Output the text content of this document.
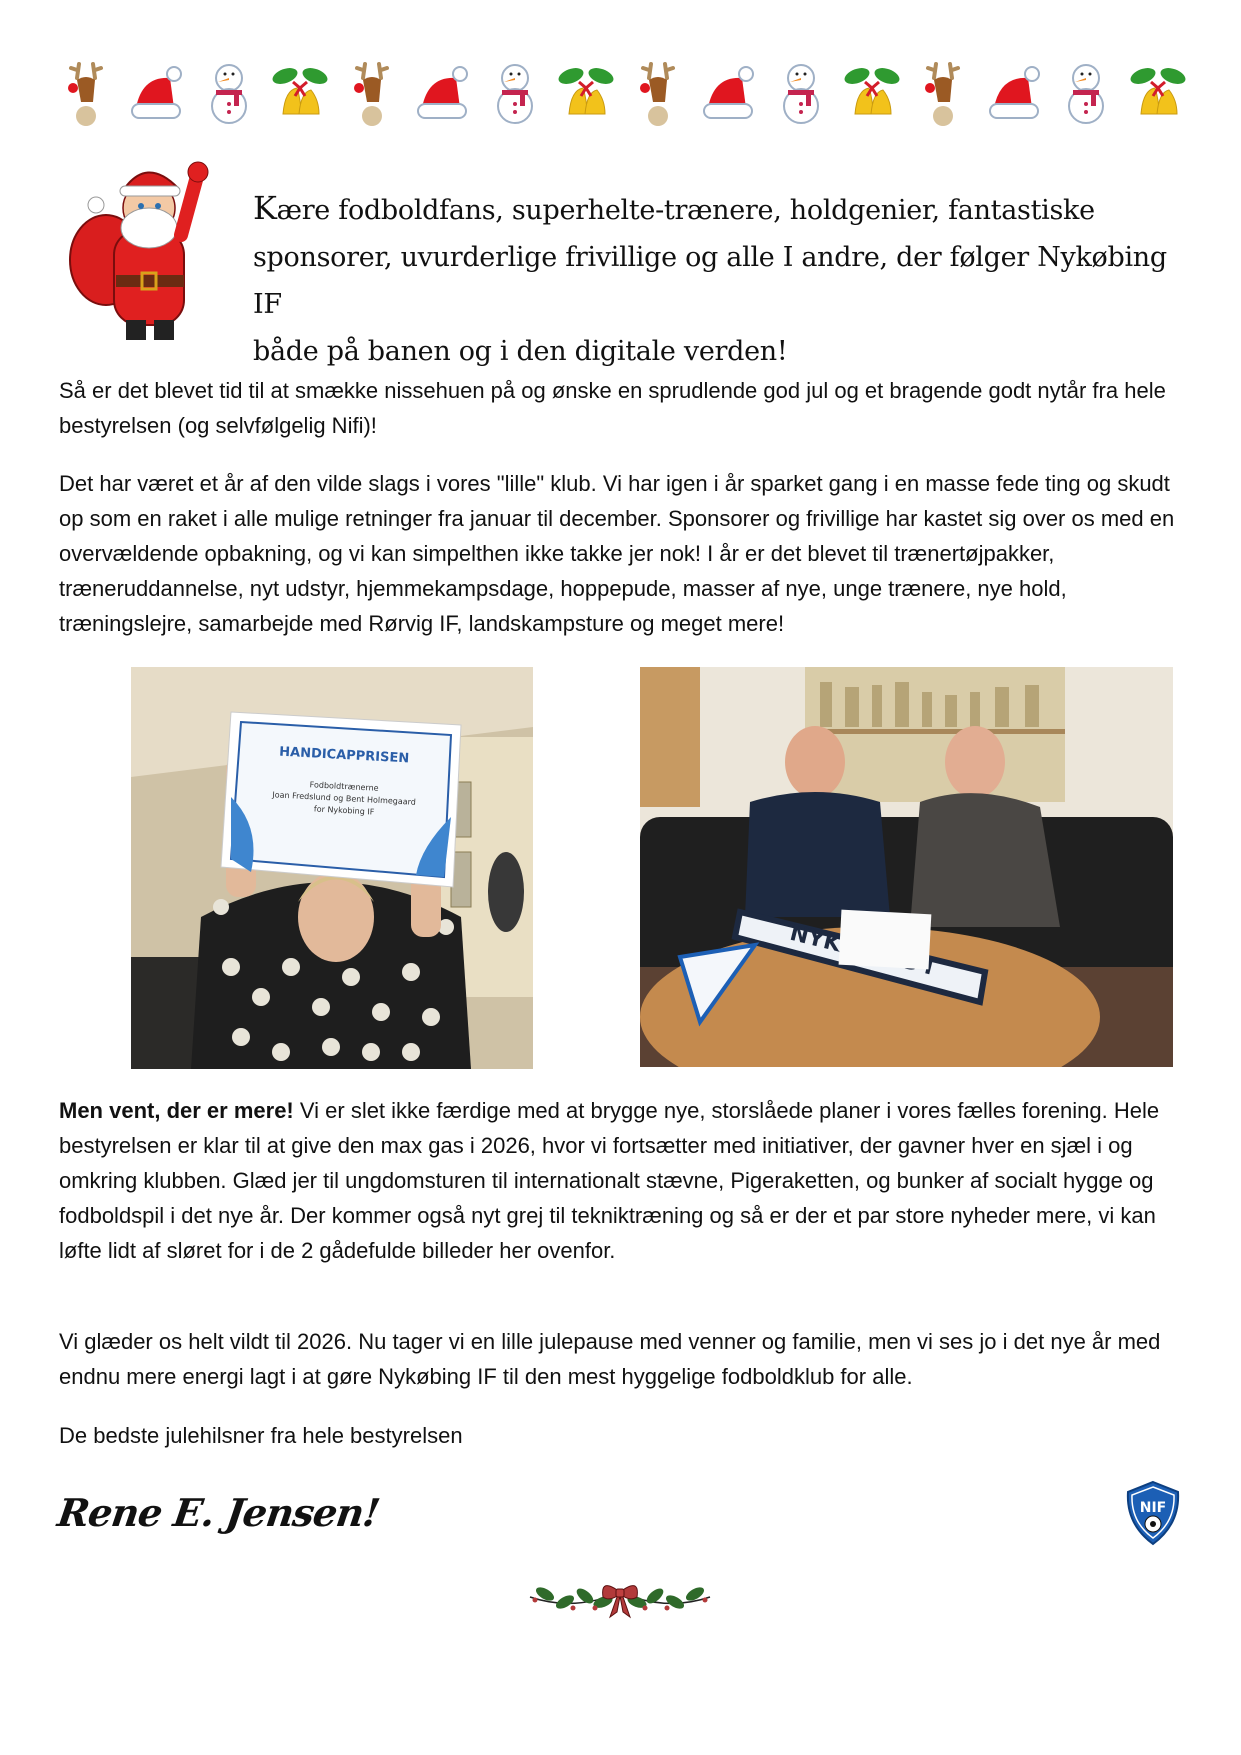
Kære fodboldfans, superhelte-trænere, holdgenier, fantastiske
sponsorer, uvurderlige frivillige og alle I andre, der følger Nykøbing IF
både på banen og i den digitale verden!

Så er det blevet tid til at smække nissehuen på og ønske en sprudlende god jul og et bragende godt nytår fra hele bestyrelsen (og selvfølgelig Nifi)!

Det har været et år af den vilde slags i vores "lille" klub. Vi har igen i år sparket gang i en masse fede ting og skudt op som en raket i alle mulige retninger fra januar til december. Sponsorer og frivillige har kastet sig over os med en overvældende opbakning, og vi kan simpelthen ikke takke jer nok! I år er det blevet til trænertøjpakker, træneruddannelse, nyt udstyr, hjemmekampsdage, hoppepude, masser af nye, unge trænere, nye hold, træningslejre, samarbejde med Rørvig IF, landskampsture og meget mere!

HANDICAPPRISEN
Fodboldtrænerne
Joan Fredslund og Bent Holmegaard
for Nykobing IF
I

Men vent, der er mere! Vi er slet ikke færdige med at brygge nye, storslåede planer i vores fælles forening. Hele bestyrelsen er klar til at give den max gas i 2026, hvor vi fortsætter med initiativer, der gavner hver en sjæl i og omkring klubben. Glæd jer til ungdomsturen til internationalt stævne, Pigeraketten, og bunker af socialt hygge og fodboldspil i det nye år. Der kommer også nyt grej til tekniktræning og så er der et par store nyheder mere, vi kan løfte lidt af sløret for i de 2 gådefulde billeder her ovenfor.

Vi glæder os helt vildt til 2026. Nu tager vi en lille julepause med venner og familie, men vi ses jo i det nye år med endnu mere energi lagt i at gøre Nykøbing IF til den mest hyggelige fodboldklub for alle.

De bedste julehilsner fra hele bestyrelsen

Rene E. Jensen!	NIF
